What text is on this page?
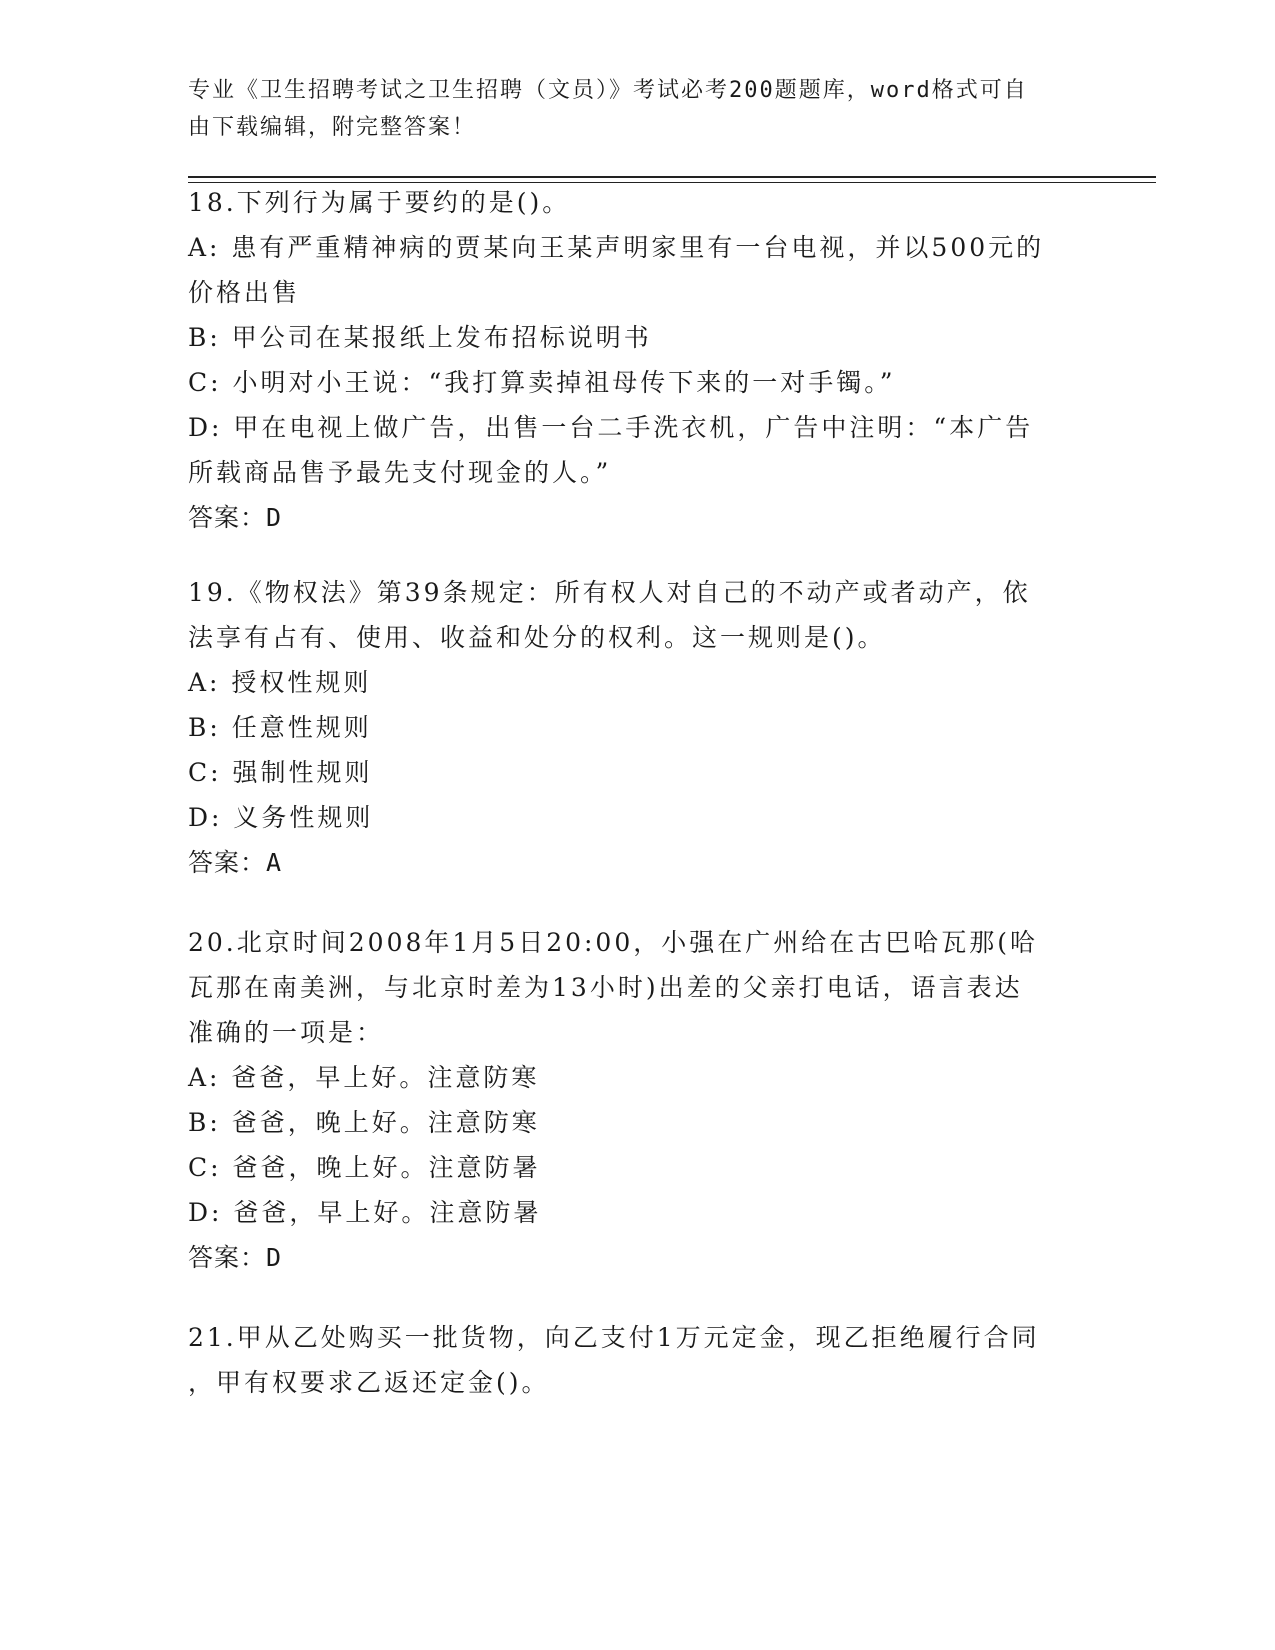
专业《卫生招聘考试之卫生招聘（文员）》考试必考200题题库，word格式可自
由下载编辑，附完整答案！
18.下列行为属于要约的是()。
A: 患有严重精神病的贾某向王某声明家里有一台电视，并以500元的
价格出售
B: 甲公司在某报纸上发布招标说明书
C: 小明对小王说：“我打算卖掉祖母传下来的一对手镯。”
D: 甲在电视上做广告，出售一台二手洗衣机，广告中注明：“本广告
所载商品售予最先支付现金的人。”
答案：D
19.《物权法》第39条规定：所有权人对自己的不动产或者动产，依
法享有占有、使用、收益和处分的权利。这一规则是()。
A: 授权性规则
B: 任意性规则
C: 强制性规则
D: 义务性规则
答案：A
20.北京时间2008年1月5日20:00，小强在广州给在古巴哈瓦那(哈
瓦那在南美洲，与北京时差为13小时)出差的父亲打电话，语言表达
准确的一项是：
A: 爸爸，早上好。注意防寒
B: 爸爸，晚上好。注意防寒
C: 爸爸，晚上好。注意防暑
D: 爸爸，早上好。注意防暑
答案：D
21.甲从乙处购买一批货物，向乙支付1万元定金，现乙拒绝履行合同
，甲有权要求乙返还定金()。
